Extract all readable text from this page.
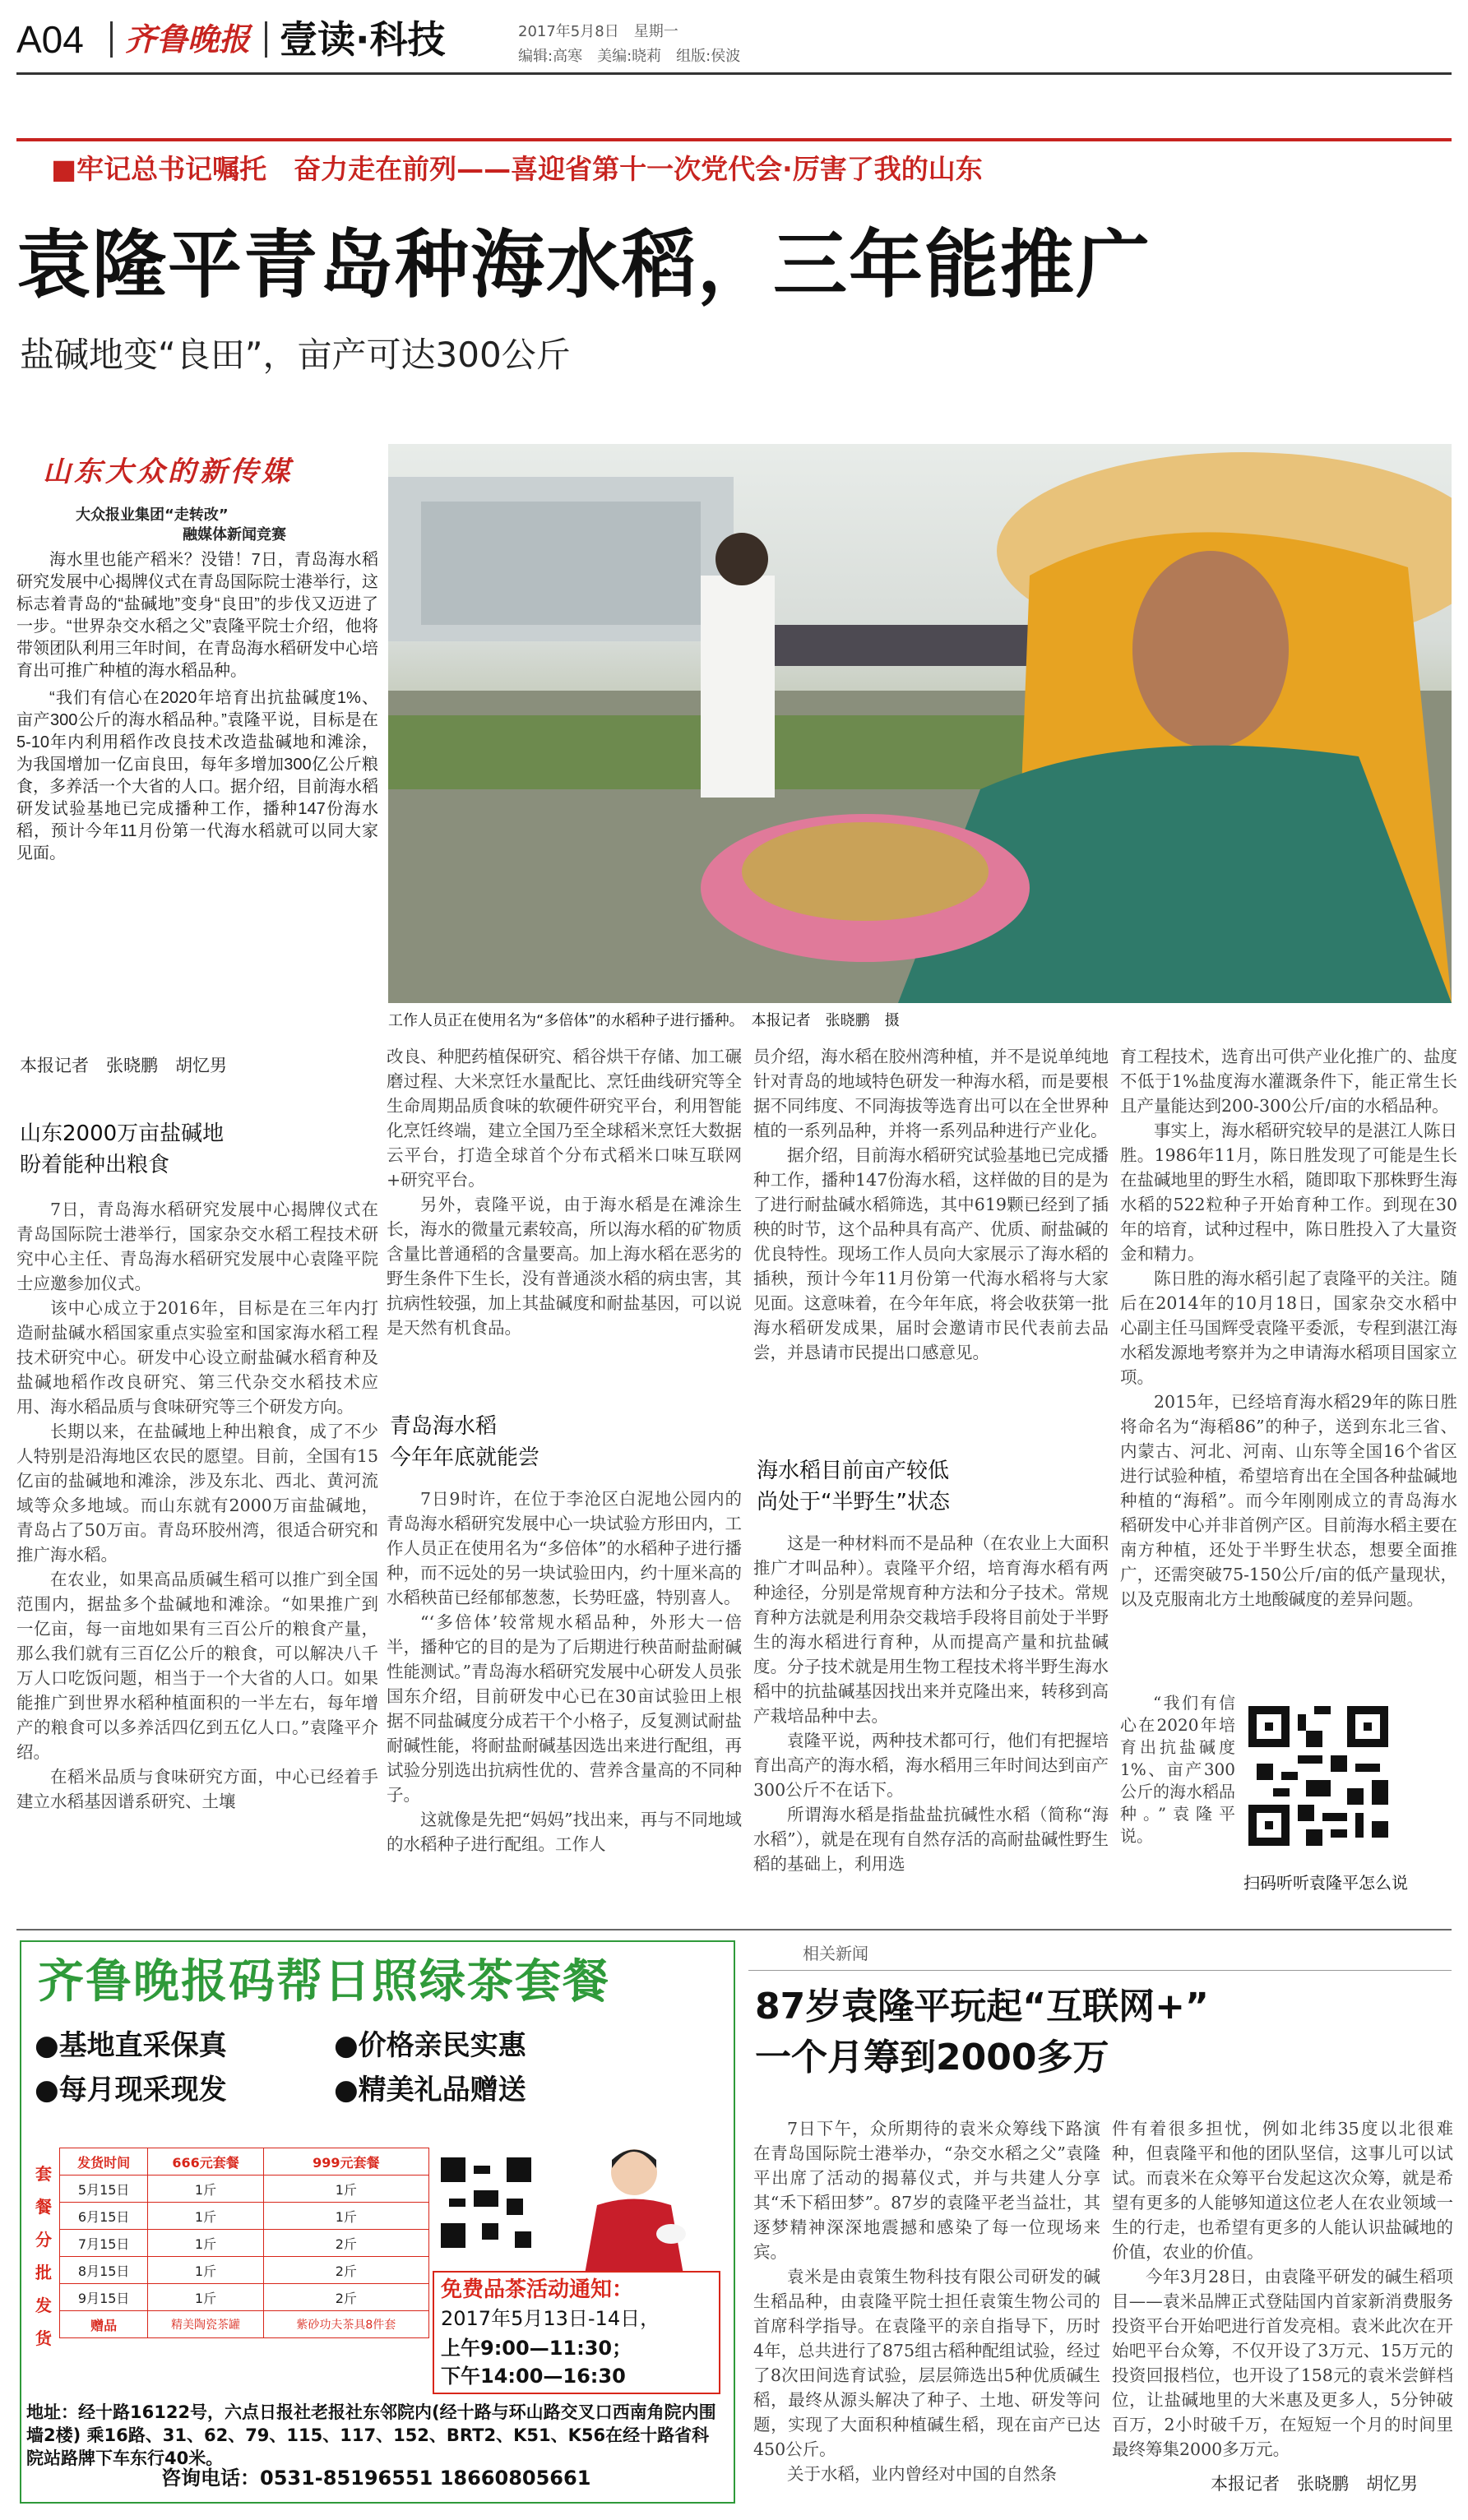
A04 齐鲁晚报 壹读·科技	2017年5月8日　星期一
编辑:高寒　美编:晓莉　组版:侯波
■牢记总书记嘱托　奋力走在前列——喜迎省第十一次党代会·厉害了我的山东
袁隆平青岛种海水稻，三年能推广
盐碱地变“良田”，亩产可达300公斤
山东大众的新传媒
大众报业集团“走转改”
融媒体新闻竞赛

海水里也能产稻米？没错！7日，青岛海水稻研究发展中心揭牌仪式在青岛国际院士港举行，这标志着青岛的“盐碱地”变身“良田”的步伐又迈进了一步。“世界杂交水稻之父”袁隆平院士介绍，他将带领团队利用三年时间，在青岛海水稻研发中心培育出可推广种植的海水稻品种。

“我们有信心在2020年培育出抗盐碱度1%、亩产300公斤的海水稻品种。”袁隆平说，目标是在5-10年内利用稻作改良技术改造盐碱地和滩涂，为我国增加一亿亩良田，每年多增加300亿公斤粮食，多养活一个大省的人口。据介绍，目前海水稻研发试验基地已完成播种工作，播种147份海水稻，预计今年11月份第一代海水稻就可以同大家见面。

工作人员正在使用名为“多倍体”的水稻种子进行播种。　本报记者　张晓鹏　摄
本报记者　张晓鹏　胡忆男
山东2000万亩盐碱地
盼着能种出粮食

7日，青岛海水稻研究发展中心揭牌仪式在青岛国际院士港举行，国家杂交水稻工程技术研究中心主任、青岛海水稻研究发展中心袁隆平院士应邀参加仪式。

该中心成立于2016年，目标是在三年内打造耐盐碱水稻国家重点实验室和国家海水稻工程技术研究中心。研发中心设立耐盐碱水稻育种及盐碱地稻作改良研究、第三代杂交水稻技术应用、海水稻品质与食味研究等三个研发方向。

长期以来，在盐碱地上种出粮食，成了不少人特别是沿海地区农民的愿望。目前，全国有15亿亩的盐碱地和滩涂，涉及东北、西北、黄河流域等众多地域。而山东就有2000万亩盐碱地，青岛占了50万亩。青岛环胶州湾，很适合研究和推广海水稻。

在农业，如果高品质碱生稻可以推广到全国范围内，据盐多个盐碱地和滩涂。“如果推广到一亿亩，每一亩地如果有三百公斤的粮食产量，那么我们就有三百亿公斤的粮食，可以解决八千万人口吃饭问题，相当于一个大省的人口。如果能推广到世界水稻种植面积的一半左右，每年增产的粮食可以多养活四亿到五亿人口。”袁隆平介绍。

在稻米品质与食味研究方面，中心已经着手建立水稻基因谱系研究、土壤

改良、种肥药植保研究、稻谷烘干存储、加工碾磨过程、大米烹饪水量配比、烹饪曲线研究等全生命周期品质食味的软硬件研究平台，利用智能化烹饪终端，建立全国乃至全球稻米烹饪大数据云平台，打造全球首个分布式稻米口味互联网+研究平台。

另外，袁隆平说，由于海水稻是在滩涂生长，海水的微量元素较高，所以海水稻的矿物质含量比普通稻的含量要高。加上海水稻在恶劣的野生条件下生长，没有普通淡水稻的病虫害，其抗病性较强，加上其盐碱度和耐盐基因，可以说是天然有机食品。

青岛海水稻
今年年底就能尝

7日9时许，在位于李沧区白泥地公园内的青岛海水稻研究发展中心一块试验方形田内，工作人员正在使用名为“多倍体”的水稻种子进行播种，而不远处的另一块试验田内，约十厘米高的水稻秧苗已经郁郁葱葱，长势旺盛，特别喜人。

“‘多倍体’较常规水稻品种，外形大一倍半，播种它的目的是为了后期进行秧苗耐盐耐碱性能测试。”青岛海水稻研究发展中心研发人员张国东介绍，目前研发中心已在30亩试验田上根据不同盐碱度分成若干个小格子，反复测试耐盐耐碱性能，将耐盐耐碱基因选出来进行配组，再试验分别选出抗病性优的、营养含量高的不同种子。

这就像是先把“妈妈”找出来，再与不同地域的水稻种子进行配组。工作人

员介绍，海水稻在胶州湾种植，并不是说单纯地针对青岛的地域特色研发一种海水稻，而是要根据不同纬度、不同海拔等选育出可以在全世界种植的一系列品种，并将一系列品种进行产业化。

据介绍，目前海水稻研究试验基地已完成播种工作，播种147份海水稻，这样做的目的是为了进行耐盐碱水稻筛选，其中619颗已经到了插秧的时节，这个品种具有高产、优质、耐盐碱的优良特性。现场工作人员向大家展示了海水稻的插秧，预计今年11月份第一代海水稻将与大家见面。这意味着，在今年年底，将会收获第一批海水稻研发成果，届时会邀请市民代表前去品尝，并恳请市民提出口感意见。

海水稻目前亩产较低
尚处于“半野生”状态

这是一种材料而不是品种（在农业上大面积推广才叫品种）。袁隆平介绍，培育海水稻有两种途径，分别是常规育种方法和分子技术。常规育种方法就是利用杂交栽培手段将目前处于半野生的海水稻进行育种，从而提高产量和抗盐碱度。分子技术就是用生物工程技术将半野生海水稻中的抗盐碱基因找出来并克隆出来，转移到高产栽培品种中去。

袁隆平说，两种技术都可行，他们有把握培育出高产的海水稻，海水稻用三年时间达到亩产300公斤不在话下。

所谓海水稻是指盐盐抗碱性水稻（简称“海水稻”），就是在现有自然存活的高耐盐碱性野生稻的基础上，利用选

育工程技术，选育出可供产业化推广的、盐度不低于1%盐度海水灌溉条件下，能正常生长且产量能达到200-300公斤/亩的水稻品种。

事实上，海水稻研究较早的是湛江人陈日胜。1986年11月，陈日胜发现了可能是生长在盐碱地里的野生水稻，随即取下那株野生海水稻的522粒种子开始育种工作。到现在30年的培育，试种过程中，陈日胜投入了大量资金和精力。

陈日胜的海水稻引起了袁隆平的关注。随后在2014年的10月18日，国家杂交水稻中心副主任马国辉受袁隆平委派，专程到湛江海水稻发源地考察并为之申请海水稻项目国家立项。

2015年，已经培育海水稻29年的陈日胜将命名为“海稻86”的种子，送到东北三省、内蒙古、河北、河南、山东等全国16个省区进行试验种植，希望培育出在全国各种盐碱地种植的“海稻”。而今年刚刚成立的青岛海水稻研发中心并非首例产区。目前海水稻主要在南方种植，还处于半野生状态，想要全面推广，还需突破75-150公斤/亩的低产量现状，以及克服南北方土地酸碱度的差异问题。

“我们有信心在2020年培育出抗盐碱度1%、亩产300公斤的海水稻品种。”袁隆平说。
扫码听听袁隆平怎么说
齐鲁晚报码帮日照绿茶套餐
●基地直采保真	●价格亲民实惠
●每月现采现发	●精美礼品赠送
套餐分批发货
发货时间	666元套餐	999元套餐
5月15日	1斤	1斤
6月15日	1斤	1斤
7月15日	1斤	2斤
8月15日	1斤	2斤
9月15日	1斤	2斤
赠品	精美陶瓷茶罐	紫砂功夫茶具8件套
免费品茶活动通知：
2017年5月13日-14日，
上午9:00—11:30；
下午14:00—16:30
地址：经十路16122号，六点日报社老报社东邻院内(经十路与环山路交叉口西南角院内围墙2楼) 乘16路、31、62、79、115、117、152、BRT2、K51、K56在经十路省科院站路牌下车东行40米。
咨询电话：0531-85196551 18660805661
相关新闻
87岁袁隆平玩起“互联网+”
一个月筹到2000多万

7日下午，众所期待的袁米众筹线下路演在青岛国际院士港举办，“杂交水稻之父”袁隆平出席了活动的揭幕仪式，并与共建人分享其“禾下稻田梦”。87岁的袁隆平老当益壮，其逐梦精神深深地震撼和感染了每一位现场来宾。

袁米是由袁策生物科技有限公司研发的碱生稻品种，由袁隆平院士担任袁策生物公司的首席科学指导。在袁隆平的亲自指导下，历时4年，总共进行了875组古稻种配组试验，经过了8次田间选育试验，层层筛选出5种优质碱生稻，最终从源头解决了种子、土地、研发等问题，实现了大面积种植碱生稻，现在亩产已达450公斤。

关于水稻，业内曾经对中国的自然条

件有着很多担忧，例如北纬35度以北很难种，但袁隆平和他的团队坚信，这事儿可以试试。而袁米在众筹平台发起这次众筹，就是希望有更多的人能够知道这位老人在农业领域一生的行走，也希望有更多的人能认识盐碱地的价值，农业的价值。

今年3月28日，由袁隆平研发的碱生稻项目——袁米品牌正式登陆国内首家新消费服务投资平台开始吧进行首发亮相。袁米此次在开始吧平台众筹，不仅开设了3万元、15万元的投资回报档位，也开设了158元的袁米尝鲜档位，让盐碱地里的大米惠及更多人，5分钟破百万，2小时破千万，在短短一个月的时间里最终筹集2000多万元。

本报记者　张晓鹏　胡忆男
